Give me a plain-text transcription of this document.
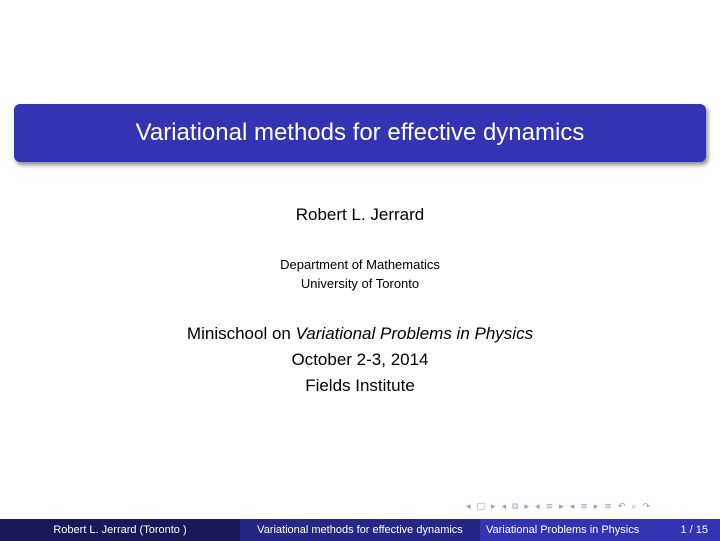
Variational methods for effective dynamics
Robert L. Jerrard
Department of Mathematics
University of Toronto
Minischool on Variational Problems in Physics
October 2-3, 2014
Fields Institute
◂ □ ▸ ◂ ⧉ ▸ ◂ ≡ ▸ ◂ ≡ ▸ ≡ ↶ ⌕ ↷
Robert L. Jerrard (Toronto )	Variational methods for effective dynamics	Variational Problems in Physics	1 / 15
